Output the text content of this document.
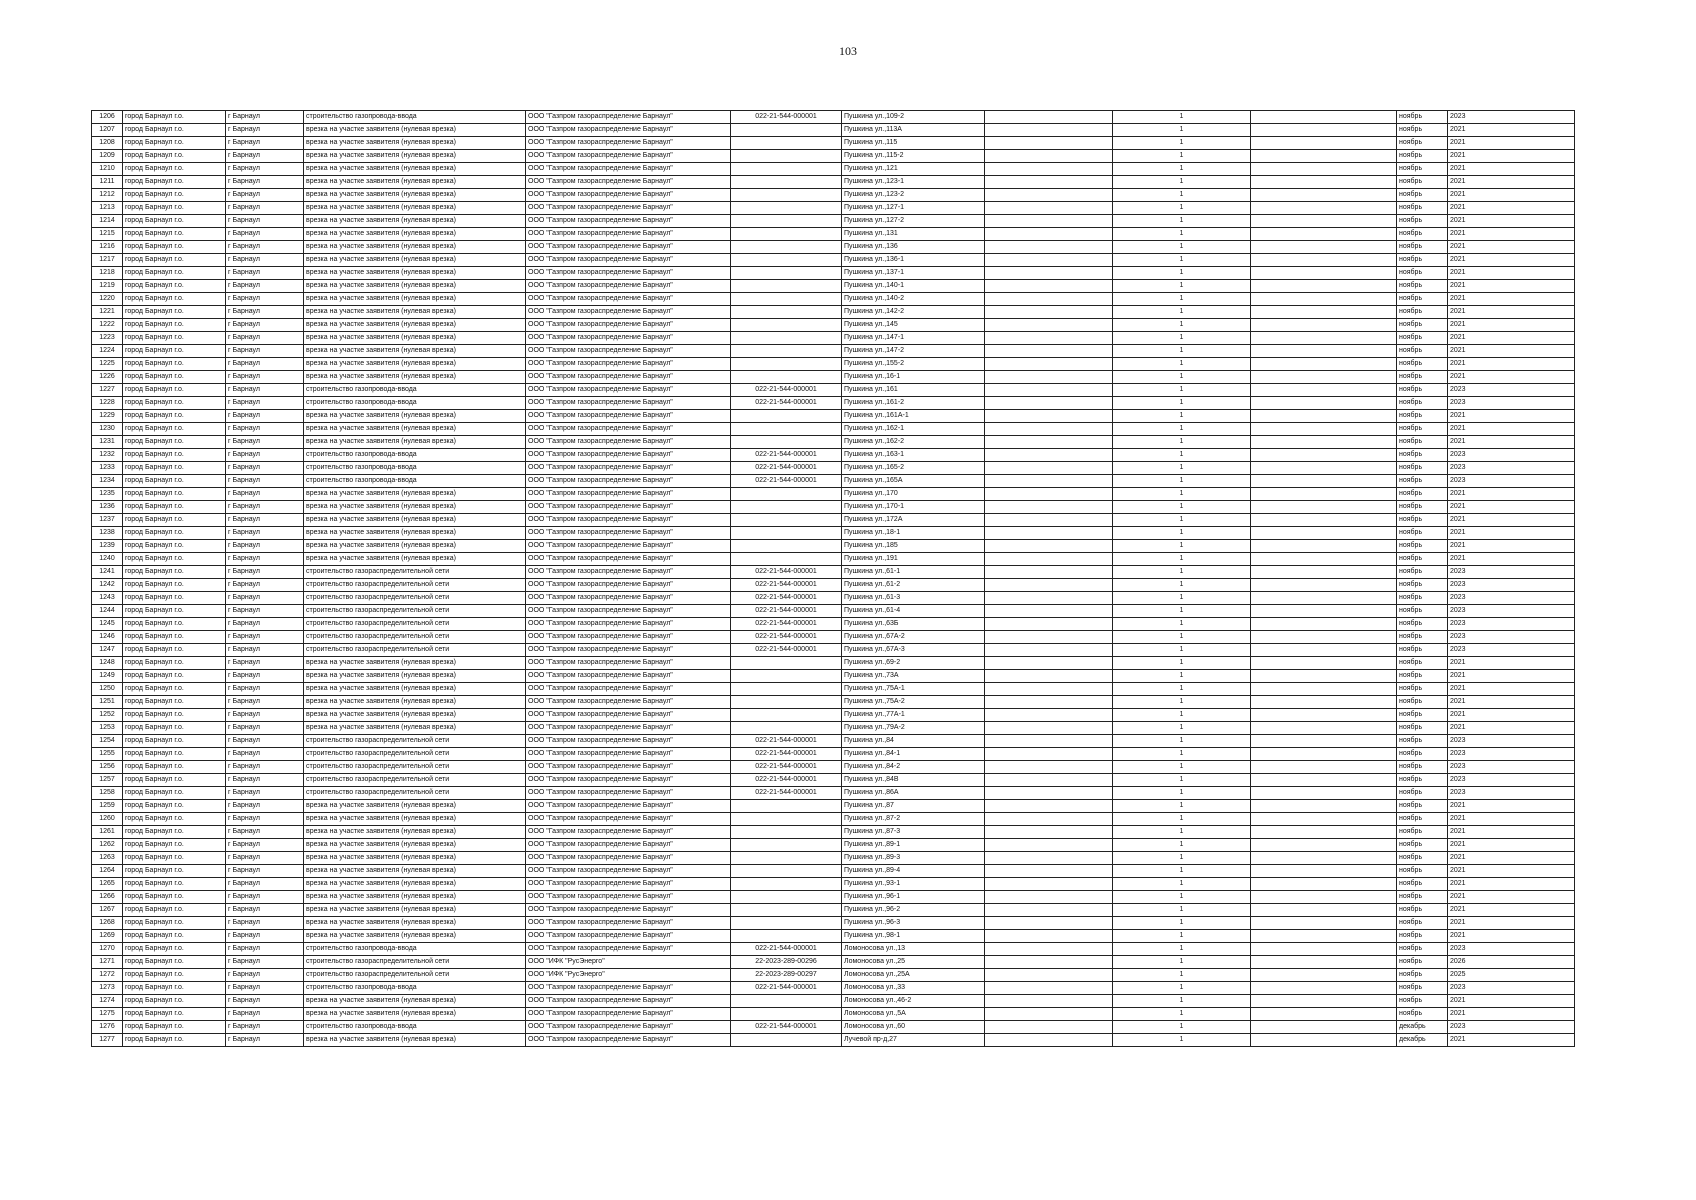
103
1206	город Барнаул г.о.	г Барнаул	строительство газопровода-ввода	ООО "Газпром газораспределение Барнаул"	022-21-544-000001	Пушкина ул.,109-2		1		ноябрь	2023
1207	город Барнаул г.о.	г Барнаул	врезка на участке заявителя (нулевая врезка)	ООО "Газпром газораспределение Барнаул"		Пушкина ул.,113А		1		ноябрь	2021
1208	город Барнаул г.о.	г Барнаул	врезка на участке заявителя (нулевая врезка)	ООО "Газпром газораспределение Барнаул"		Пушкина ул.,115		1		ноябрь	2021
1209	город Барнаул г.о.	г Барнаул	врезка на участке заявителя (нулевая врезка)	ООО "Газпром газораспределение Барнаул"		Пушкина ул.,115-2		1		ноябрь	2021
1210	город Барнаул г.о.	г Барнаул	врезка на участке заявителя (нулевая врезка)	ООО "Газпром газораспределение Барнаул"		Пушкина ул.,121		1		ноябрь	2021
1211	город Барнаул г.о.	г Барнаул	врезка на участке заявителя (нулевая врезка)	ООО "Газпром газораспределение Барнаул"		Пушкина ул.,123-1		1		ноябрь	2021
1212	город Барнаул г.о.	г Барнаул	врезка на участке заявителя (нулевая врезка)	ООО "Газпром газораспределение Барнаул"		Пушкина ул.,123-2		1		ноябрь	2021
1213	город Барнаул г.о.	г Барнаул	врезка на участке заявителя (нулевая врезка)	ООО "Газпром газораспределение Барнаул"		Пушкина ул.,127-1		1		ноябрь	2021
1214	город Барнаул г.о.	г Барнаул	врезка на участке заявителя (нулевая врезка)	ООО "Газпром газораспределение Барнаул"		Пушкина ул.,127-2		1		ноябрь	2021
1215	город Барнаул г.о.	г Барнаул	врезка на участке заявителя (нулевая врезка)	ООО "Газпром газораспределение Барнаул"		Пушкина ул.,131		1		ноябрь	2021
1216	город Барнаул г.о.	г Барнаул	врезка на участке заявителя (нулевая врезка)	ООО "Газпром газораспределение Барнаул"		Пушкина ул.,136		1		ноябрь	2021
1217	город Барнаул г.о.	г Барнаул	врезка на участке заявителя (нулевая врезка)	ООО "Газпром газораспределение Барнаул"		Пушкина ул.,136-1		1		ноябрь	2021
1218	город Барнаул г.о.	г Барнаул	врезка на участке заявителя (нулевая врезка)	ООО "Газпром газораспределение Барнаул"		Пушкина ул.,137-1		1		ноябрь	2021
1219	город Барнаул г.о.	г Барнаул	врезка на участке заявителя (нулевая врезка)	ООО "Газпром газораспределение Барнаул"		Пушкина ул.,140-1		1		ноябрь	2021
1220	город Барнаул г.о.	г Барнаул	врезка на участке заявителя (нулевая врезка)	ООО "Газпром газораспределение Барнаул"		Пушкина ул.,140-2		1		ноябрь	2021
1221	город Барнаул г.о.	г Барнаул	врезка на участке заявителя (нулевая врезка)	ООО "Газпром газораспределение Барнаул"		Пушкина ул.,142-2		1		ноябрь	2021
1222	город Барнаул г.о.	г Барнаул	врезка на участке заявителя (нулевая врезка)	ООО "Газпром газораспределение Барнаул"		Пушкина ул.,145		1		ноябрь	2021
1223	город Барнаул г.о.	г Барнаул	врезка на участке заявителя (нулевая врезка)	ООО "Газпром газораспределение Барнаул"		Пушкина ул.,147-1		1		ноябрь	2021
1224	город Барнаул г.о.	г Барнаул	врезка на участке заявителя (нулевая врезка)	ООО "Газпром газораспределение Барнаул"		Пушкина ул.,147-2		1		ноябрь	2021
1225	город Барнаул г.о.	г Барнаул	врезка на участке заявителя (нулевая врезка)	ООО "Газпром газораспределение Барнаул"		Пушкина ул.,155-2		1		ноябрь	2021
1226	город Барнаул г.о.	г Барнаул	врезка на участке заявителя (нулевая врезка)	ООО "Газпром газораспределение Барнаул"		Пушкина ул.,16-1		1		ноябрь	2021
1227	город Барнаул г.о.	г Барнаул	строительство газопровода-ввода	ООО "Газпром газораспределение Барнаул"	022-21-544-000001	Пушкина ул.,161		1		ноябрь	2023
1228	город Барнаул г.о.	г Барнаул	строительство газопровода-ввода	ООО "Газпром газораспределение Барнаул"	022-21-544-000001	Пушкина ул.,161-2		1		ноябрь	2023
1229	город Барнаул г.о.	г Барнаул	врезка на участке заявителя (нулевая врезка)	ООО "Газпром газораспределение Барнаул"		Пушкина ул.,161А-1		1		ноябрь	2021
1230	город Барнаул г.о.	г Барнаул	врезка на участке заявителя (нулевая врезка)	ООО "Газпром газораспределение Барнаул"		Пушкина ул.,162-1		1		ноябрь	2021
1231	город Барнаул г.о.	г Барнаул	врезка на участке заявителя (нулевая врезка)	ООО "Газпром газораспределение Барнаул"		Пушкина ул.,162-2		1		ноябрь	2021
1232	город Барнаул г.о.	г Барнаул	строительство газопровода-ввода	ООО "Газпром газораспределение Барнаул"	022-21-544-000001	Пушкина ул.,163-1		1		ноябрь	2023
1233	город Барнаул г.о.	г Барнаул	строительство газопровода-ввода	ООО "Газпром газораспределение Барнаул"	022-21-544-000001	Пушкина ул.,165-2		1		ноябрь	2023
1234	город Барнаул г.о.	г Барнаул	строительство газопровода-ввода	ООО "Газпром газораспределение Барнаул"	022-21-544-000001	Пушкина ул.,165А		1		ноябрь	2023
1235	город Барнаул г.о.	г Барнаул	врезка на участке заявителя (нулевая врезка)	ООО "Газпром газораспределение Барнаул"		Пушкина ул.,170		1		ноябрь	2021
1236	город Барнаул г.о.	г Барнаул	врезка на участке заявителя (нулевая врезка)	ООО "Газпром газораспределение Барнаул"		Пушкина ул.,170-1		1		ноябрь	2021
1237	город Барнаул г.о.	г Барнаул	врезка на участке заявителя (нулевая врезка)	ООО "Газпром газораспределение Барнаул"		Пушкина ул.,172А		1		ноябрь	2021
1238	город Барнаул г.о.	г Барнаул	врезка на участке заявителя (нулевая врезка)	ООО "Газпром газораспределение Барнаул"		Пушкина ул.,18-1		1		ноябрь	2021
1239	город Барнаул г.о.	г Барнаул	врезка на участке заявителя (нулевая врезка)	ООО "Газпром газораспределение Барнаул"		Пушкина ул.,185		1		ноябрь	2021
1240	город Барнаул г.о.	г Барнаул	врезка на участке заявителя (нулевая врезка)	ООО "Газпром газораспределение Барнаул"		Пушкина ул.,191		1		ноябрь	2021
1241	город Барнаул г.о.	г Барнаул	строительство газораспределительной сети	ООО "Газпром газораспределение Барнаул"	022-21-544-000001	Пушкина ул.,61-1		1		ноябрь	2023
1242	город Барнаул г.о.	г Барнаул	строительство газораспределительной сети	ООО "Газпром газораспределение Барнаул"	022-21-544-000001	Пушкина ул.,61-2		1		ноябрь	2023
1243	город Барнаул г.о.	г Барнаул	строительство газораспределительной сети	ООО "Газпром газораспределение Барнаул"	022-21-544-000001	Пушкина ул.,61-3		1		ноябрь	2023
1244	город Барнаул г.о.	г Барнаул	строительство газораспределительной сети	ООО "Газпром газораспределение Барнаул"	022-21-544-000001	Пушкина ул.,61-4		1		ноябрь	2023
1245	город Барнаул г.о.	г Барнаул	строительство газораспределительной сети	ООО "Газпром газораспределение Барнаул"	022-21-544-000001	Пушкина ул.,63Б		1		ноябрь	2023
1246	город Барнаул г.о.	г Барнаул	строительство газораспределительной сети	ООО "Газпром газораспределение Барнаул"	022-21-544-000001	Пушкина ул.,67А-2		1		ноябрь	2023
1247	город Барнаул г.о.	г Барнаул	строительство газораспределительной сети	ООО "Газпром газораспределение Барнаул"	022-21-544-000001	Пушкина ул.,67А-3		1		ноябрь	2023
1248	город Барнаул г.о.	г Барнаул	врезка на участке заявителя (нулевая врезка)	ООО "Газпром газораспределение Барнаул"		Пушкина ул.,69-2		1		ноябрь	2021
1249	город Барнаул г.о.	г Барнаул	врезка на участке заявителя (нулевая врезка)	ООО "Газпром газораспределение Барнаул"		Пушкина ул.,73А		1		ноябрь	2021
1250	город Барнаул г.о.	г Барнаул	врезка на участке заявителя (нулевая врезка)	ООО "Газпром газораспределение Барнаул"		Пушкина ул.,75А-1		1		ноябрь	2021
1251	город Барнаул г.о.	г Барнаул	врезка на участке заявителя (нулевая врезка)	ООО "Газпром газораспределение Барнаул"		Пушкина ул.,75А-2		1		ноябрь	2021
1252	город Барнаул г.о.	г Барнаул	врезка на участке заявителя (нулевая врезка)	ООО "Газпром газораспределение Барнаул"		Пушкина ул.,77А-1		1		ноябрь	2021
1253	город Барнаул г.о.	г Барнаул	врезка на участке заявителя (нулевая врезка)	ООО "Газпром газораспределение Барнаул"		Пушкина ул.,79А-2		1		ноябрь	2021
1254	город Барнаул г.о.	г Барнаул	строительство газораспределительной сети	ООО "Газпром газораспределение Барнаул"	022-21-544-000001	Пушкина ул.,84		1		ноябрь	2023
1255	город Барнаул г.о.	г Барнаул	строительство газораспределительной сети	ООО "Газпром газораспределение Барнаул"	022-21-544-000001	Пушкина ул.,84-1		1		ноябрь	2023
1256	город Барнаул г.о.	г Барнаул	строительство газораспределительной сети	ООО "Газпром газораспределение Барнаул"	022-21-544-000001	Пушкина ул.,84-2		1		ноябрь	2023
1257	город Барнаул г.о.	г Барнаул	строительство газораспределительной сети	ООО "Газпром газораспределение Барнаул"	022-21-544-000001	Пушкина ул.,84В		1		ноябрь	2023
1258	город Барнаул г.о.	г Барнаул	строительство газораспределительной сети	ООО "Газпром газораспределение Барнаул"	022-21-544-000001	Пушкина ул.,86А		1		ноябрь	2023
1259	город Барнаул г.о.	г Барнаул	врезка на участке заявителя (нулевая врезка)	ООО "Газпром газораспределение Барнаул"		Пушкина ул.,87		1		ноябрь	2021
1260	город Барнаул г.о.	г Барнаул	врезка на участке заявителя (нулевая врезка)	ООО "Газпром газораспределение Барнаул"		Пушкина ул.,87-2		1		ноябрь	2021
1261	город Барнаул г.о.	г Барнаул	врезка на участке заявителя (нулевая врезка)	ООО "Газпром газораспределение Барнаул"		Пушкина ул.,87-3		1		ноябрь	2021
1262	город Барнаул г.о.	г Барнаул	врезка на участке заявителя (нулевая врезка)	ООО "Газпром газораспределение Барнаул"		Пушкина ул.,89-1		1		ноябрь	2021
1263	город Барнаул г.о.	г Барнаул	врезка на участке заявителя (нулевая врезка)	ООО "Газпром газораспределение Барнаул"		Пушкина ул.,89-3		1		ноябрь	2021
1264	город Барнаул г.о.	г Барнаул	врезка на участке заявителя (нулевая врезка)	ООО "Газпром газораспределение Барнаул"		Пушкина ул.,89-4		1		ноябрь	2021
1265	город Барнаул г.о.	г Барнаул	врезка на участке заявителя (нулевая врезка)	ООО "Газпром газораспределение Барнаул"		Пушкина ул.,93-1		1		ноябрь	2021
1266	город Барнаул г.о.	г Барнаул	врезка на участке заявителя (нулевая врезка)	ООО "Газпром газораспределение Барнаул"		Пушкина ул.,96-1		1		ноябрь	2021
1267	город Барнаул г.о.	г Барнаул	врезка на участке заявителя (нулевая врезка)	ООО "Газпром газораспределение Барнаул"		Пушкина ул.,96-2		1		ноябрь	2021
1268	город Барнаул г.о.	г Барнаул	врезка на участке заявителя (нулевая врезка)	ООО "Газпром газораспределение Барнаул"		Пушкина ул.,96-3		1		ноябрь	2021
1269	город Барнаул г.о.	г Барнаул	врезка на участке заявителя (нулевая врезка)	ООО "Газпром газораспределение Барнаул"		Пушкина ул.,98-1		1		ноябрь	2021
1270	город Барнаул г.о.	г Барнаул	строительство газопровода-ввода	ООО "Газпром газораспределение Барнаул"	022-21-544-000001	Ломоносова ул.,13		1		ноябрь	2023
1271	город Барнаул г.о.	г Барнаул	строительство газораспределительной сети	ООО "ИФК "РусЭнерго"	22-2023-289-00296	Ломоносова ул.,25		1		ноябрь	2026
1272	город Барнаул г.о.	г Барнаул	строительство газораспределительной сети	ООО "ИФК "РусЭнерго"	22-2023-289-00297	Ломоносова ул.,25А		1		ноябрь	2025
1273	город Барнаул г.о.	г Барнаул	строительство газопровода-ввода	ООО "Газпром газораспределение Барнаул"	022-21-544-000001	Ломоносова ул.,33		1		ноябрь	2023
1274	город Барнаул г.о.	г Барнаул	врезка на участке заявителя (нулевая врезка)	ООО "Газпром газораспределение Барнаул"		Ломоносова ул.,46-2		1		ноябрь	2021
1275	город Барнаул г.о.	г Барнаул	врезка на участке заявителя (нулевая врезка)	ООО "Газпром газораспределение Барнаул"		Ломоносова ул.,5А		1		ноябрь	2021
1276	город Барнаул г.о.	г Барнаул	строительство газопровода-ввода	ООО "Газпром газораспределение Барнаул"	022-21-544-000001	Ломоносова ул.,60		1		декабрь	2023
1277	город Барнаул г.о.	г Барнаул	врезка на участке заявителя (нулевая врезка)	ООО "Газпром газораспределение Барнаул"		Лучевой пр-д,27		1		декабрь	2021
